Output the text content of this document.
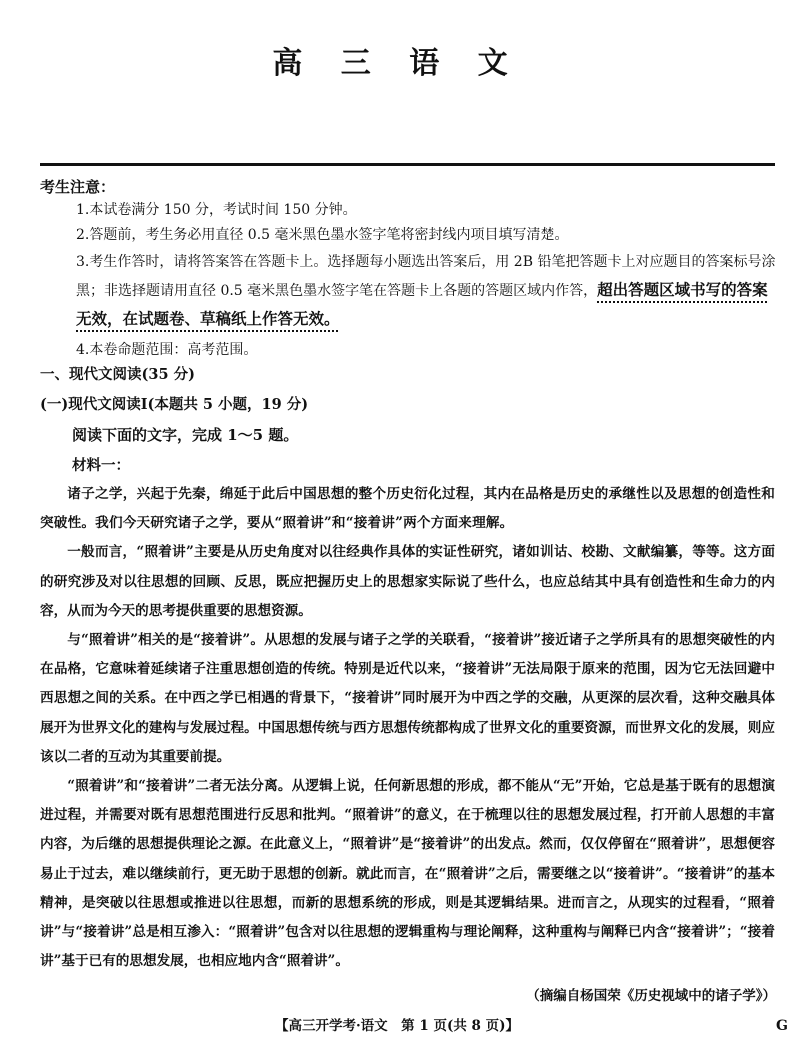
高 三 语 文
考生注意：
1.本试卷满分 150 分，考试时间 150 分钟。
2.答题前，考生务必用直径 0.5 毫米黑色墨水签字笔将密封线内项目填写清楚。
3.考生作答时，请将答案答在答题卡上。选择题每小题选出答案后，用 2B 铅笔把答题卡上对应题目的答案标号涂黑；非选择题请用直径 0.5 毫米黑色墨水签字笔在答题卡上各题的答题区域内作答，超出答题区域书写的答案无效，在试题卷、草稿纸上作答无效。
4.本卷命题范围：高考范围。
一、现代文阅读(35 分)
(一)现代文阅读Ⅰ(本题共 5 小题，19 分)
阅读下面的文字，完成 1～5 题。
材料一：

诸子之学，兴起于先秦，绵延于此后中国思想的整个历史衍化过程，其内在品格是历史的承继性以及思想的创造性和突破性。我们今天研究诸子之学，要从“照着讲”和“接着讲”两个方面来理解。

一般而言，“照着讲”主要是从历史角度对以往经典作具体的实证性研究，诸如训诂、校勘、文献编纂，等等。这方面的研究涉及对以往思想的回顾、反思，既应把握历史上的思想家实际说了些什么，也应总结其中具有创造性和生命力的内容，从而为今天的思考提供重要的思想资源。

与“照着讲”相关的是“接着讲”。从思想的发展与诸子之学的关联看，“接着讲”接近诸子之学所具有的思想突破性的内在品格，它意味着延续诸子注重思想创造的传统。特别是近代以来，“接着讲”无法局限于原来的范围，因为它无法回避中西思想之间的关系。在中西之学已相遇的背景下，“接着讲”同时展开为中西之学的交融，从更深的层次看，这种交融具体展开为世界文化的建构与发展过程。中国思想传统与西方思想传统都构成了世界文化的重要资源，而世界文化的发展，则应该以二者的互动为其重要前提。

“照着讲”和“接着讲”二者无法分离。从逻辑上说，任何新思想的形成，都不能从“无”开始，它总是基于既有的思想演进过程，并需要对既有思想范围进行反思和批判。“照着讲”的意义，在于梳理以往的思想发展过程，打开前人思想的丰富内容，为后继的思想提供理论之源。在此意义上，“照着讲”是“接着讲”的出发点。然而，仅仅停留在“照着讲”，思想便容易止于过去，难以继续前行，更无助于思想的创新。就此而言，在“照着讲”之后，需要继之以“接着讲”。“接着讲”的基本精神，是突破以往思想或推进以往思想，而新的思想系统的形成，则是其逻辑结果。进而言之，从现实的过程看，“照着讲”与“接着讲”总是相互渗入：“照着讲”包含对以往思想的逻辑重构与理论阐释，这种重构与阐释已内含“接着讲”；“接着讲”基于已有的思想发展，也相应地内含“照着讲”。

（摘编自杨国荣《历史视域中的诸子学》）
【高三开学考·语文　第 1 页(共 8 页)】	G
